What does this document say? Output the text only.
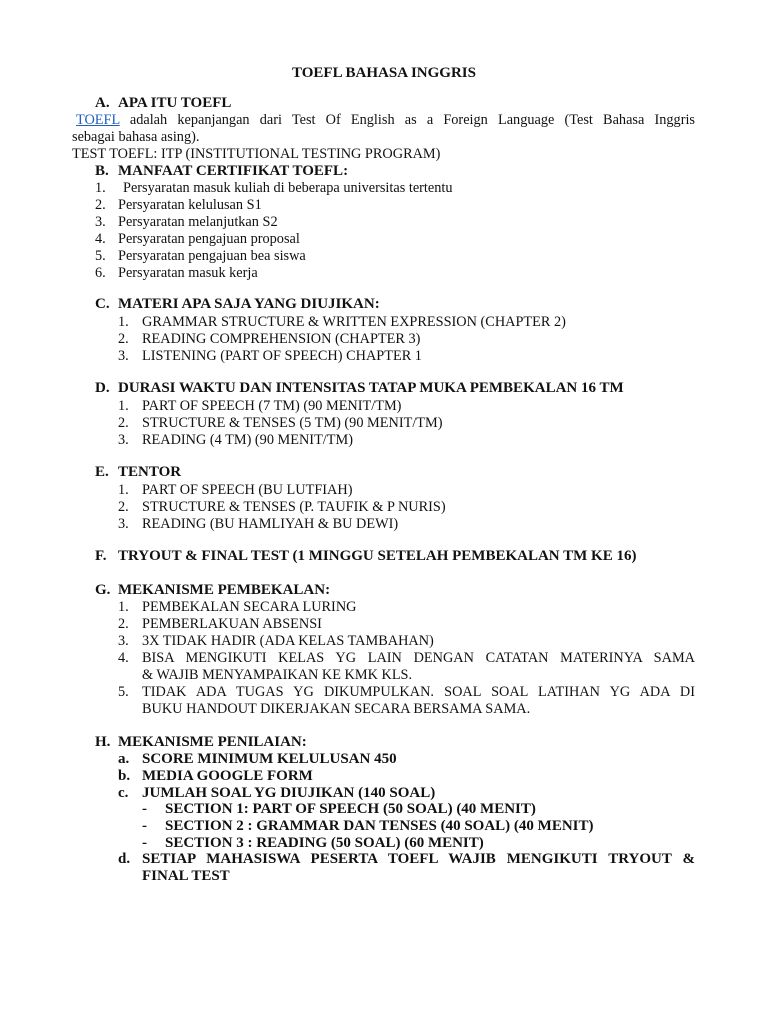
TOEFL BAHASA INGGRIS
A. APA ITU TOEFL
TOEFL adalah kepanjangan dari Test Of English as a Foreign Language (Test Bahasa Inggris
sebagai bahasa asing).
TEST TOEFL: ITP (INSTITUTIONAL TESTING PROGRAM)
B. MANFAAT CERTIFIKAT TOEFL:
1. Persyaratan masuk kuliah di beberapa universitas tertentu
2. Persyaratan kelulusan S1
3. Persyaratan melanjutkan S2
4. Persyaratan pengajuan proposal
5. Persyaratan pengajuan bea siswa
6. Persyaratan masuk kerja
C. MATERI APA SAJA YANG DIUJIKAN:
1. GRAMMAR STRUCTURE & WRITTEN EXPRESSION (CHAPTER 2)
2. READING COMPREHENSION (CHAPTER 3)
3. LISTENING (PART OF SPEECH) CHAPTER 1
D. DURASI WAKTU DAN INTENSITAS TATAP MUKA PEMBEKALAN 16 TM
1. PART OF SPEECH (7 TM) (90 MENIT/TM)
2. STRUCTURE & TENSES (5 TM) (90 MENIT/TM)
3. READING (4 TM) (90 MENIT/TM)
E. TENTOR
1. PART OF SPEECH (BU LUTFIAH)
2. STRUCTURE & TENSES (P. TAUFIK & P NURIS)
3. READING (BU HAMLIYAH & BU DEWI)
F. TRYOUT & FINAL TEST (1 MINGGU SETELAH PEMBEKALAN TM KE 16)
G. MEKANISME PEMBEKALAN:
1. PEMBEKALAN SECARA LURING
2. PEMBERLAKUAN ABSENSI
3. 3X TIDAK HADIR (ADA KELAS TAMBAHAN)
4. BISA MENGIKUTI KELAS YG LAIN DENGAN CATATAN MATERINYA SAMA
& WAJIB MENYAMPAIKAN KE KMK KLS.
5. TIDAK ADA TUGAS YG DIKUMPULKAN. SOAL SOAL LATIHAN YG ADA DI
BUKU HANDOUT DIKERJAKAN SECARA BERSAMA SAMA.
H. MEKANISME PENILAIAN:
a. SCORE MINIMUM KELULUSAN 450
b. MEDIA GOOGLE FORM
c. JUMLAH SOAL YG DIUJIKAN (140 SOAL)
- SECTION 1: PART OF SPEECH (50 SOAL) (40 MENIT)
- SECTION 2 : GRAMMAR DAN TENSES (40 SOAL) (40 MENIT)
- SECTION 3 : READING (50 SOAL) (60 MENIT)
d. SETIAP MAHASISWA PESERTA TOEFL WAJIB MENGIKUTI TRYOUT &
FINAL TEST
